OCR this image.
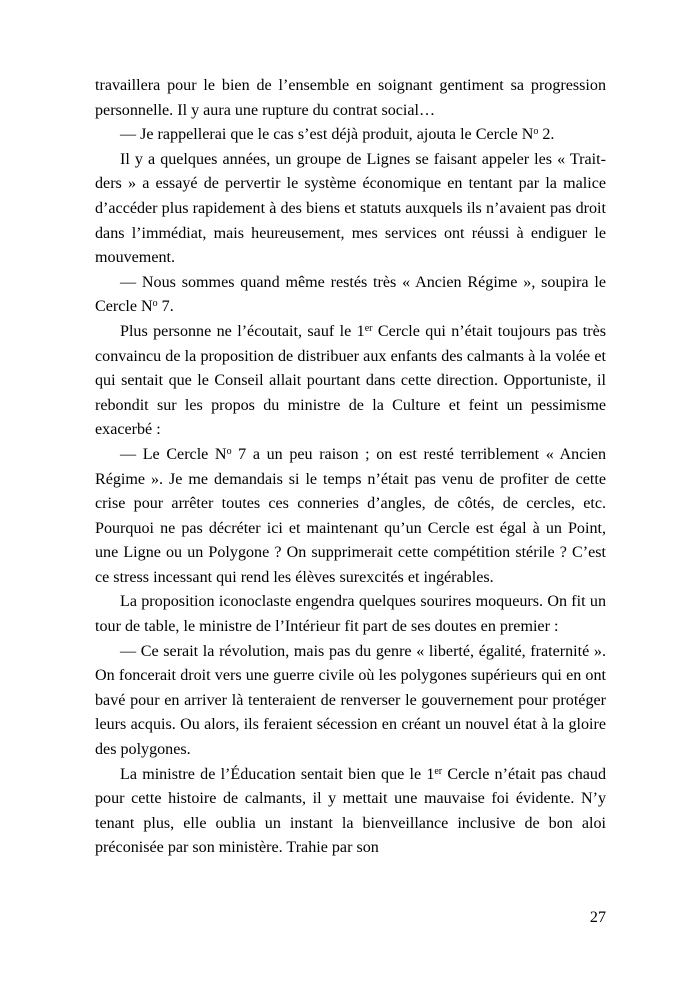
travaillera pour le bien de l’ensemble en soignant gentiment sa progression personnelle. Il y aura une rupture du contrat social…

— Je rappellerai que le cas s’est déjà produit, ajouta le Cercle $N^o$ 2.

Il y a quelques années, un groupe de Lignes se faisant appeler les « Trait-ders » a essayé de pervertir le système économique en tentant par la malice d’accéder plus rapidement à des biens et statuts auxquels ils n’avaient pas droit dans l’immédiat, mais heureusement, mes services ont réussi à endiguer le mouvement.

— Nous sommes quand même restés très « Ancien Régime », soupira le Cercle $N^o$ 7.

Plus personne ne l’écoutait, sauf le 1er Cercle qui n’était toujours pas très convaincu de la proposition de distribuer aux enfants des calmants à la volée et qui sentait que le Conseil allait pourtant dans cette direction. Opportuniste, il rebondit sur les propos du ministre de la Culture et feint un pessimisme exacerbé :

— Le Cercle $N^o$ 7 a un peu raison ; on est resté terriblement « Ancien Régime ». Je me demandais si le temps n’était pas venu de profiter de cette crise pour arrêter toutes ces conneries d’angles, de côtés, de cercles, etc. Pourquoi ne pas décréter ici et maintenant qu’un Cercle est égal à un Point, une Ligne ou un Polygone ? On supprimerait cette compétition stérile ? C’est ce stress incessant qui rend les élèves surexcités et ingérables.

La proposition iconoclaste engendra quelques sourires moqueurs. On fit un tour de table, le ministre de l’Intérieur fit part de ses doutes en premier :

— Ce serait la révolution, mais pas du genre « liberté, égalité, fraternité ». On foncerait droit vers une guerre civile où les polygones supérieurs qui en ont bavé pour en arriver là tenteraient de renverser le gouvernement pour protéger leurs acquis. Ou alors, ils feraient sécession en créant un nouvel état à la gloire des polygones.

La ministre de l’Éducation sentait bien que le 1er Cercle n’était pas chaud pour cette histoire de calmants, il y mettait une mauvaise foi évidente. N’y tenant plus, elle oublia un instant la bienveillance inclusive de bon aloi préconisée par son ministère. Trahie par son

27
